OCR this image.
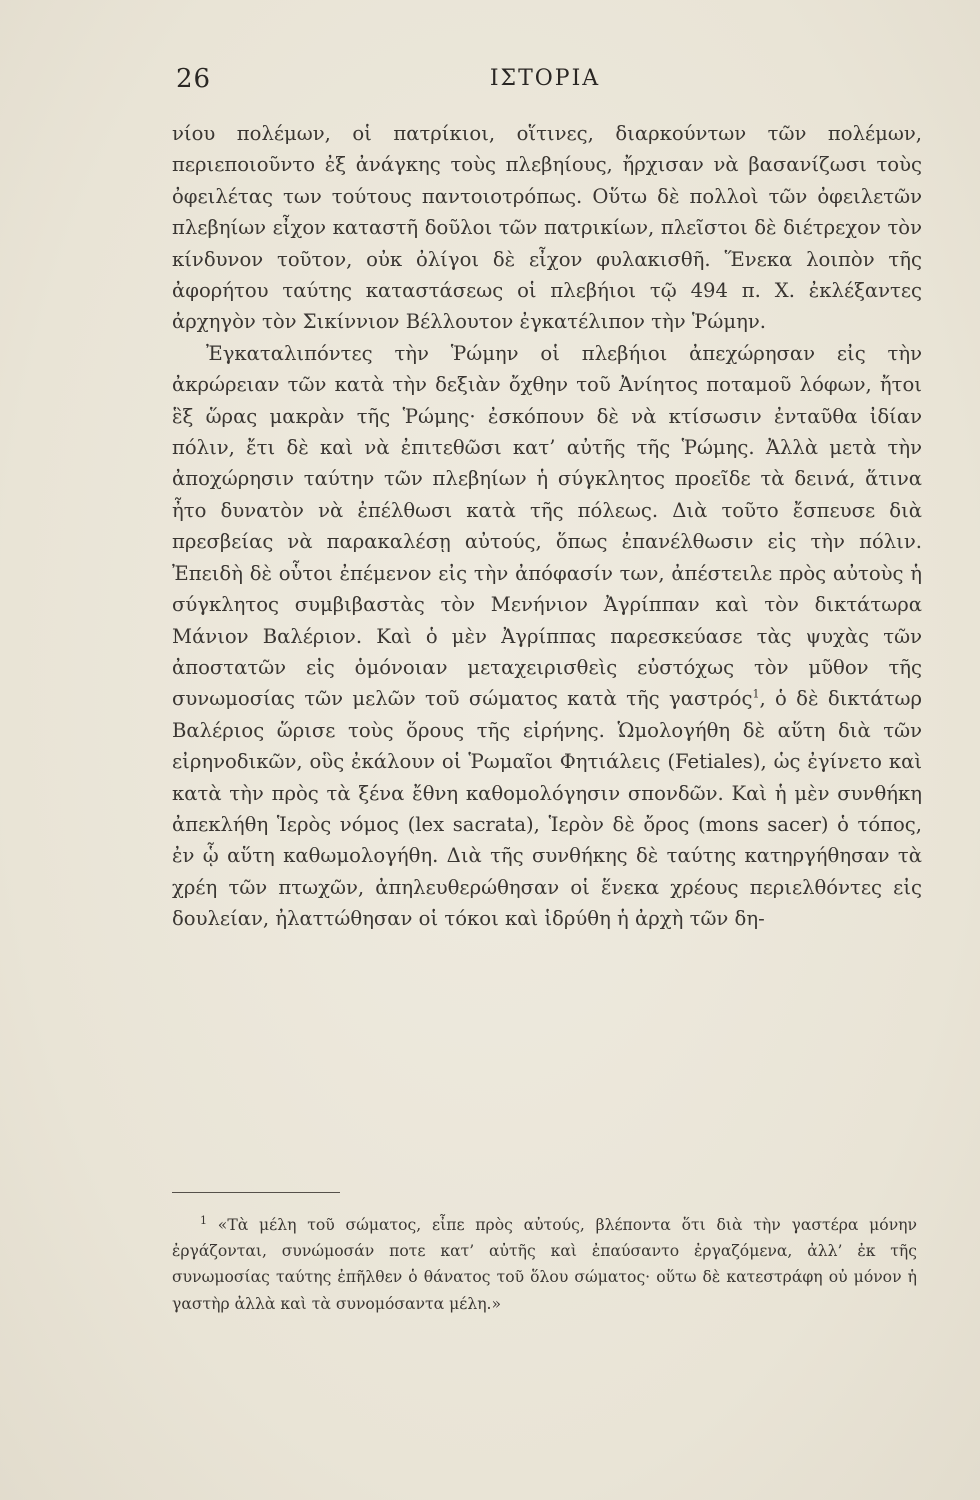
26	ΙΣΤΟΡΙΑ

νίου πολέμων, οἱ πατρίκιοι, οἵτινες, διαρκούντων τῶν πολέμων, περιεποιοῦντο ἐξ ἀνάγκης τοὺς πλεβηίους, ἤρχισαν νὰ βασανίζωσι τοὺς ὀφειλέτας των τούτους παντοιοτρόπως. Οὕτω δὲ πολλοὶ τῶν ὀφειλετῶν πλεβηίων εἶχον καταστῆ δοῦλοι τῶν πατρικίων, πλεῖστοι δὲ διέτρεχον τὸν κίνδυνον τοῦτον, οὐκ ὀλίγοι δὲ εἶχον φυλακισθῆ. Ἕνεκα λοιπὸν τῆς ἀφορήτου ταύτης καταστάσεως οἱ πλεβήιοι τῷ 494 π. Χ. ἐκλέξαντες ἀρχηγὸν τὸν Σικίννιον Βέλλουτον ἐγκατέλιπον τὴν Ῥώμην.

Ἐγκαταλιπόντες τὴν Ῥώμην οἱ πλεβήιοι ἀπεχώρησαν εἰς τὴν ἀκρώρειαν τῶν κατὰ τὴν δεξιὰν ὄχθην τοῦ Ἀνίητος ποταμοῦ λόφων, ἤτοι ἓξ ὥρας μακρὰν τῆς Ῥώμης· ἐσκόπουν δὲ νὰ κτίσωσιν ἐνταῦθα ἰδίαν πόλιν, ἔτι δὲ καὶ νὰ ἐπιτεθῶσι κατ’ αὐτῆς τῆς Ῥώμης. Ἀλλὰ μετὰ τὴν ἀποχώρησιν ταύτην τῶν πλεβηίων ἡ σύγκλητος προεῖδε τὰ δεινά, ἅτινα ἦτο δυνατὸν νὰ ἐπέλθωσι κατὰ τῆς πόλεως. Διὰ τοῦτο ἔσπευσε διὰ πρεσβείας νὰ παρακαλέσῃ αὐτούς, ὅπως ἐπανέλθωσιν εἰς τὴν πόλιν. Ἐπειδὴ δὲ οὗτοι ἐπέμενον εἰς τὴν ἀπόφασίν των, ἀπέστειλε πρὸς αὐτοὺς ἡ σύγκλητος συμβιβαστὰς τὸν Μενήνιον Ἀγρίππαν καὶ τὸν δικτάτωρα Μάνιον Βαλέριον. Καὶ ὁ μὲν Ἀγρίππας παρεσκεύασε τὰς ψυχὰς τῶν ἀποστατῶν εἰς ὁμόνοιαν μεταχειρισθεὶς εὐστόχως τὸν μῦθον τῆς συνωμοσίας τῶν μελῶν τοῦ σώματος κατὰ τῆς γαστρός$^1$, ὁ δὲ δικτάτωρ Βαλέριος ὥρισε τοὺς ὅρους τῆς εἰρήνης. Ὡμολογήθη δὲ αὕτη διὰ τῶν εἰρηνοδικῶν, οὓς ἐκάλουν οἱ Ῥωμαῖοι Φητιάλεις (Fetiales), ὡς ἐγίνετο καὶ κατὰ τὴν πρὸς τὰ ξένα ἔθνη καθομολόγησιν σπονδῶν. Καὶ ἡ μὲν συνθήκη ἀπεκλήθη Ἱερὸς νόμος (lex sacrata), Ἱερὸν δὲ ὄρος (mons sacer) ὁ τόπος, ἐν ᾧ αὕτη καθωμολογήθη. Διὰ τῆς συνθήκης δὲ ταύτης κατηργήθησαν τὰ χρέη τῶν πτωχῶν, ἀπηλευθερώθησαν οἱ ἕνεκα χρέους περιελθόντες εἰς δουλείαν, ἠλαττώθησαν οἱ τόκοι καὶ ἱδρύθη ἡ ἀρχὴ τῶν δη-

$^1$ «Τὰ μέλη τοῦ σώματος, εἶπε πρὸς αὐτούς, βλέποντα ὅτι διὰ τὴν γαστέρα μόνην ἐργάζονται, συνώμοσάν ποτε κατ’ αὐτῆς καὶ ἐπαύσαντο ἐργαζόμενα, ἀλλ’ ἐκ τῆς συνωμοσίας ταύτης ἐπῆλθεν ὁ θάνατος τοῦ ὅλου σώματος· οὕτω δὲ κατεστράφη οὐ μόνον ἡ γαστὴρ ἀλλὰ καὶ τὰ συνομόσαντα μέλη.»
